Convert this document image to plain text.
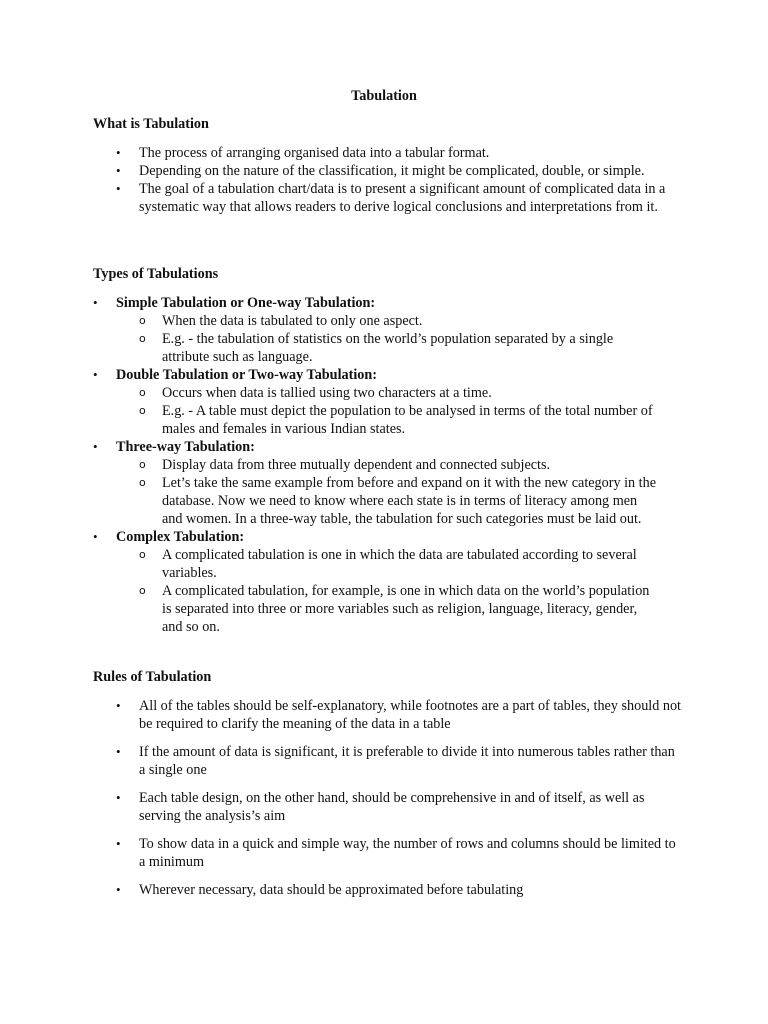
Tabulation
What is Tabulation
• The process of arranging organised data into a tabular format.
• Depending on the nature of the classification, it might be complicated, double, or simple.
• The goal of a tabulation chart/data is to present a significant amount of complicated data in a systematic way that allows readers to derive logical conclusions and interpretations from it.
Types of Tabulations
• Simple Tabulation or One-way Tabulation:
o When the data is tabulated to only one aspect.
o E.g. - the tabulation of statistics on the world’s population separated by a single attribute such as language.
• Double Tabulation or Two-way Tabulation:
o Occurs when data is tallied using two characters at a time.
o E.g. - A table must depict the population to be analysed in terms of the total number of males and females in various Indian states.
• Three-way Tabulation:
o Display data from three mutually dependent and connected subjects.
o Let’s take the same example from before and expand on it with the new category in the database. Now we need to know where each state is in terms of literacy among men and women. In a three-way table, the tabulation for such categories must be laid out.
• Complex Tabulation:
o A complicated tabulation is one in which the data are tabulated according to several variables.
o A complicated tabulation, for example, is one in which data on the world’s population is separated into three or more variables such as religion, language, literacy, gender, and so on.
Rules of Tabulation
• All of the tables should be self-explanatory, while footnotes are a part of tables, they should not be required to clarify the meaning of the data in a table
• If the amount of data is significant, it is preferable to divide it into numerous tables rather than a single one
• Each table design, on the other hand, should be comprehensive in and of itself, as well as serving the analysis’s aim
• To show data in a quick and simple way, the number of rows and columns should be limited to a minimum
• Wherever necessary, data should be approximated before tabulating
